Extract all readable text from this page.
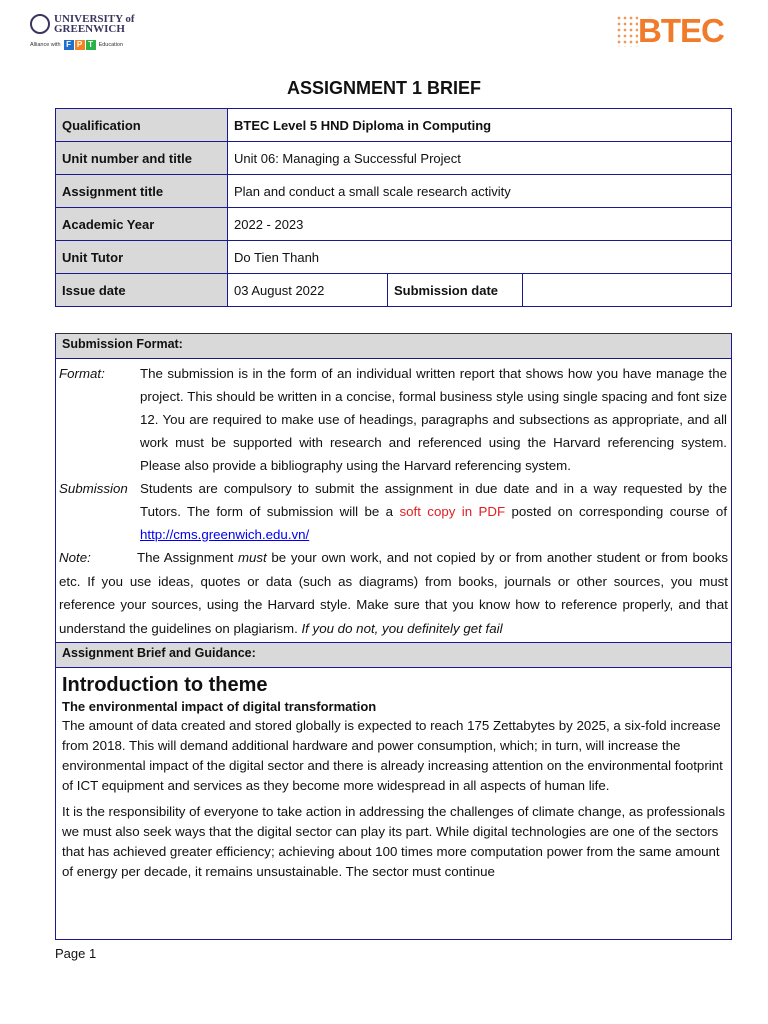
UNIVERSITY of
GREENWICH
Alliance with F P T	Education	BTEC
ASSIGNMENT 1 BRIEF
Qualification	BTEC Level 5 HND Diploma in Computing		
Unit number and title	Unit 06: Managing a Successful Project		
Assignment title	Plan and conduct a small scale research activity		
Academic Year	2022 - 2023		
Unit Tutor	Do Tien Thanh		
Issue date	03 August 2022	Submission date	
Submission Format:
Format:	The submission is in the form of an individual written report that shows how you have manage the project. This should be written in a concise, formal business style using single spacing and font size 12. You are required to make use of headings, paragraphs and subsections as appropriate, and all work must be supported with research and referenced using the Harvard referencing system. Please also provide a bibliography using the Harvard referencing system.
Submission Students are compulsory to submit the assignment in due date and in a way requested by the Tutors. The form of submission will be a soft copy in PDF posted on corresponding course of http://cms.greenwich.edu.vn/
Note:	The Assignment must be your own work, and not copied by or from another student or from books etc. If you use ideas, quotes or data (such as diagrams) from books, journals or other sources, you must reference your sources, using the Harvard style. Make sure that you know how to reference properly, and that understand the guidelines on plagiarism. If you do not, you definitely get fail
Assignment Brief and Guidance:
Introduction to theme
The environmental impact of digital transformation

The amount of data created and stored globally is expected to reach 175 Zettabytes by 2025, a six-fold increase from 2018. This will demand additional hardware and power consumption, which; in turn, will increase the environmental impact of the digital sector and there is already increasing attention on the environmental footprint of ICT equipment and services as they become more widespread in all aspects of human life.

It is the responsibility of everyone to take action in addressing the challenges of climate change, as professionals we must also seek ways that the digital sector can play its part. While digital technologies are one of the sectors that has achieved greater efficiency; achieving about 100 times more computation power from the same amount of energy per decade, it remains unsustainable. The sector must continue

Page 1
